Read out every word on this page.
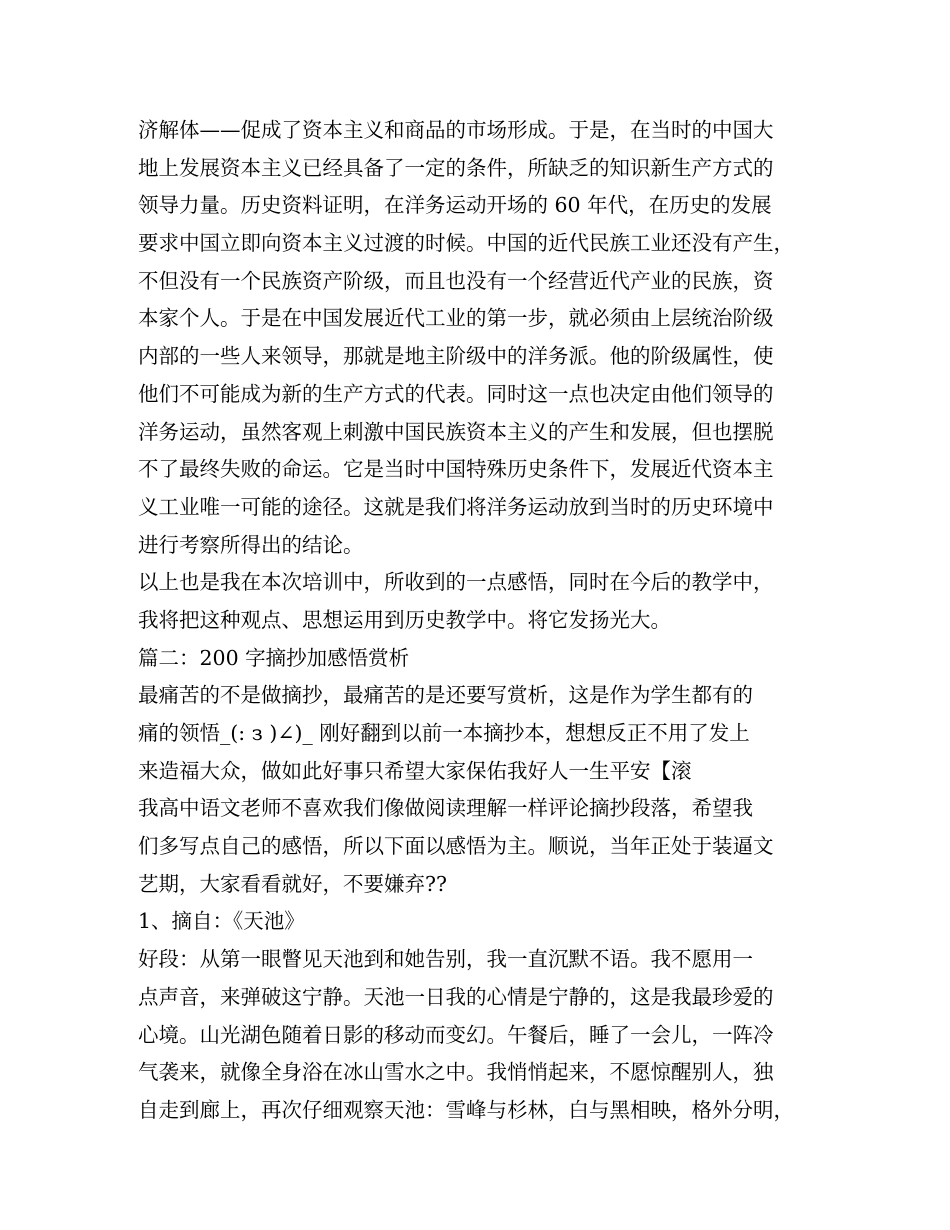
济解体——促成了资本主义和商品的市场形成。于是，在当时的中国大
地上发展资本主义已经具备了一定的条件，所缺乏的知识新生产方式的
领导力量。历史资料证明，在洋务运动开场的 60 年代，在历史的发展
要求中国立即向资本主义过渡的时候。中国的近代民族工业还没有产生，
不但没有一个民族资产阶级，而且也没有一个经营近代产业的民族，资
本家个人。于是在中国发展近代工业的第一步，就必须由上层统治阶级
内部的一些人来领导，那就是地主阶级中的洋务派。他的阶级属性，使
他们不可能成为新的生产方式的代表。同时这一点也决定由他们领导的
洋务运动，虽然客观上刺激中国民族资本主义的产生和发展，但也摆脱
不了最终失败的命运。它是当时中国特殊历史条件下，发展近代资本主
义工业唯一可能的途径。这就是我们将洋务运动放到当时的历史环境中
进行考察所得出的结论。
以上也是我在本次培训中，所收到的一点感悟，同时在今后的教学中，
我将把这种观点、思想运用到历史教学中。将它发扬光大。
篇二：200 字摘抄加感悟赏析
最痛苦的不是做摘抄，最痛苦的是还要写赏析，这是作为学生都有的
痛的领悟_(: з )∠)_ 刚好翻到以前一本摘抄本，想想反正不用了发上
来造福大众，做如此好事只希望大家保佑我好人一生平安【滚
我高中语文老师不喜欢我们像做阅读理解一样评论摘抄段落，希望我
们多写点自己的感悟，所以下面以感悟为主。顺说，当年正处于装逼文
艺期，大家看看就好，不要嫌弃??
1、摘自：《天池》
好段：从第一眼瞥见天池到和她告别，我一直沉默不语。我不愿用一
点声音，来弹破这宁静。天池一日我的心情是宁静的，这是我最珍爱的
心境。山光湖色随着日影的移动而变幻。午餐后，睡了一会儿，一阵冷
气袭来，就像全身浴在冰山雪水之中。我悄悄起来，不愿惊醒别人，独
自走到廊上，再次仔细观察天池：雪峰与杉林，白与黑相映，格外分明，
